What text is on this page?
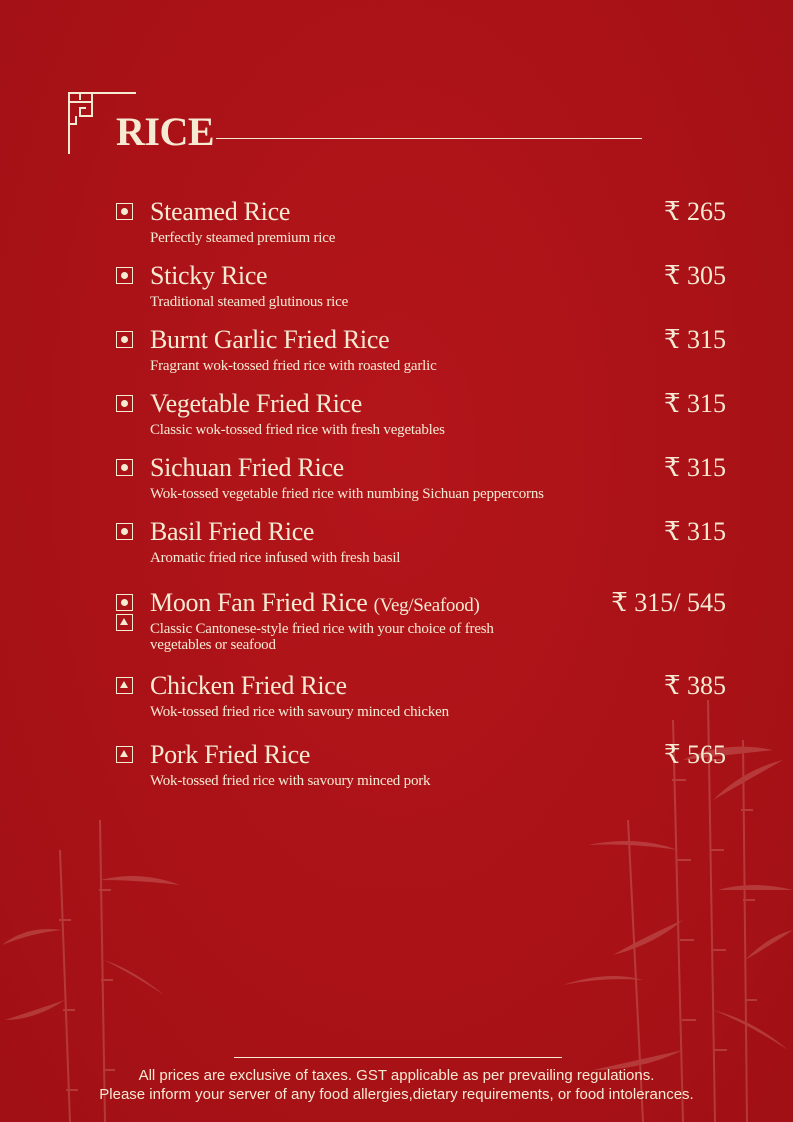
RICE
Steamed Rice	₹ 265
Perfectly steamed premium rice
Sticky Rice	₹ 305
Traditional steamed glutinous rice
Burnt Garlic Fried Rice	₹ 315
Fragrant wok-tossed fried rice with roasted garlic
Vegetable Fried Rice	₹ 315
Classic wok-tossed fried rice with fresh vegetables
Sichuan Fried Rice	₹ 315
Wok-tossed vegetable fried rice with numbing Sichuan peppercorns
Basil Fried Rice	₹ 315
Aromatic fried rice infused with fresh basil
Moon Fan Fried Rice (Veg/Seafood)	₹ 315/ 545
Classic Cantonese-style fried rice with your choice of fresh vegetables or seafood
Chicken Fried Rice	₹ 385
Wok-tossed fried rice with savoury minced chicken
Pork Fried Rice	₹ 565
Wok-tossed fried rice with savoury minced pork
All prices are exclusive of taxes. GST applicable as per prevailing regulations.
Please inform your server of any food allergies,dietary requirements, or food intolerances.
